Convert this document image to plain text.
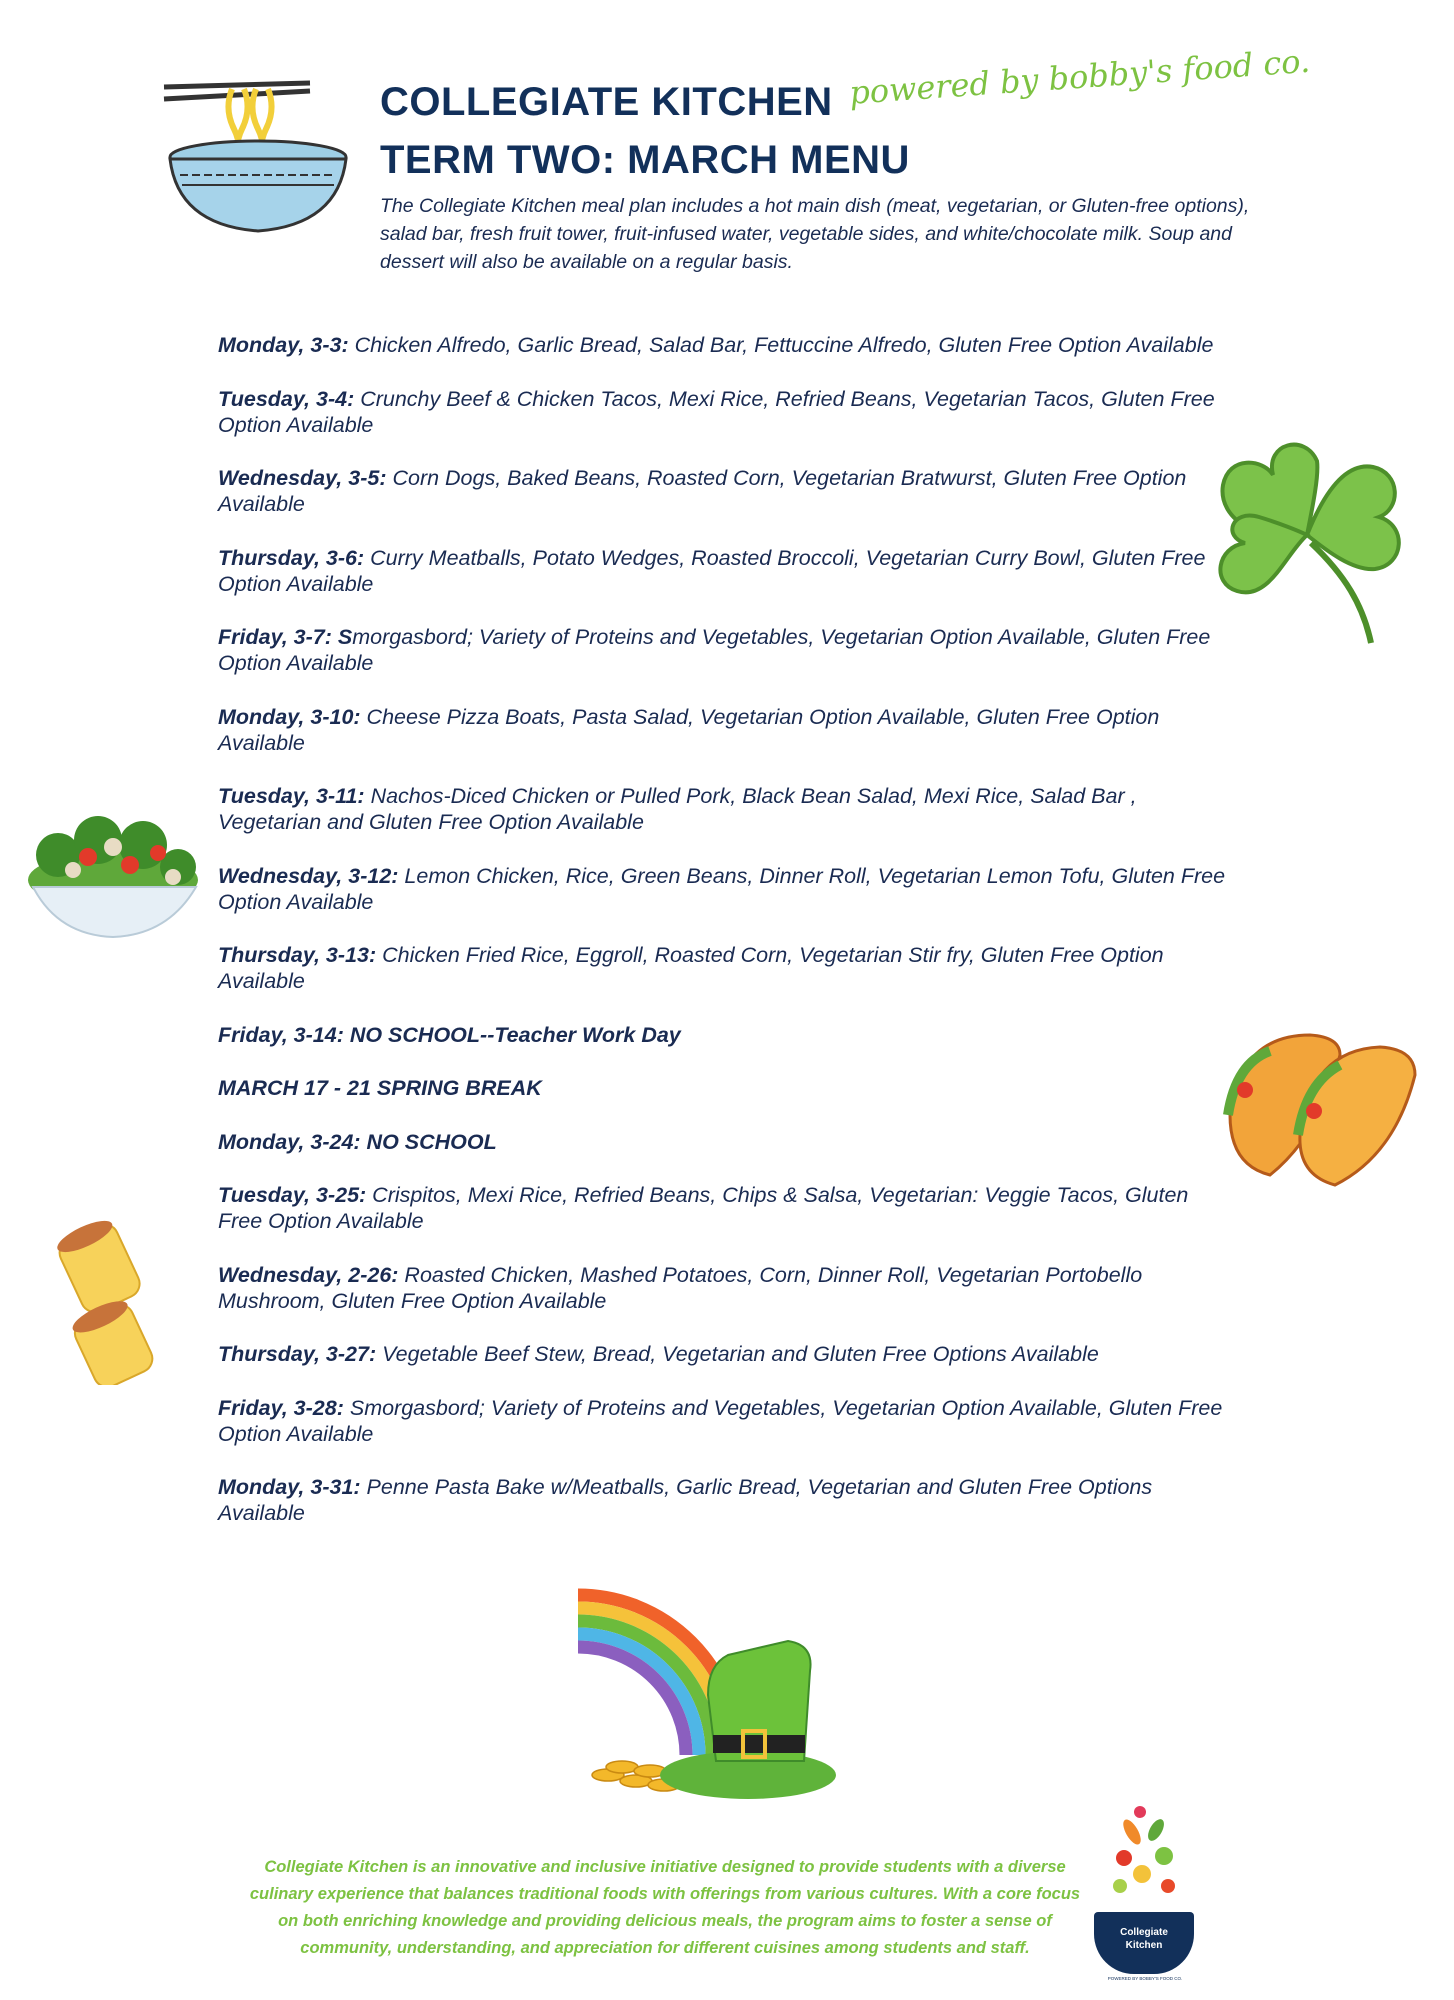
COLLEGIATE KITCHEN
TERM TWO: MARCH MENU
powered by bobby's food co.
The Collegiate Kitchen meal plan includes a hot main dish (meat, vegetarian, or Gluten-free options), salad bar, fresh fruit tower, fruit-infused water, vegetable sides, and white/chocolate milk. Soup and dessert will also be available on a regular basis.
Monday, 3-3: Chicken Alfredo, Garlic Bread, Salad Bar, Fettuccine Alfredo, Gluten Free Option Available
Tuesday, 3-4: Crunchy Beef & Chicken Tacos, Mexi Rice, Refried Beans, Vegetarian Tacos, Gluten Free Option Available
Wednesday, 3-5: Corn Dogs, Baked Beans, Roasted Corn, Vegetarian Bratwurst, Gluten Free Option Available
Thursday, 3-6: Curry Meatballs, Potato Wedges, Roasted Broccoli, Vegetarian Curry Bowl, Gluten Free Option Available
Friday, 3-7: Smorgasbord; Variety of Proteins and Vegetables, Vegetarian Option Available, Gluten Free Option Available
Monday, 3-10: Cheese Pizza Boats, Pasta Salad, Vegetarian Option Available, Gluten Free Option Available
Tuesday, 3-11: Nachos-Diced Chicken or Pulled Pork, Black Bean Salad, Mexi Rice, Salad Bar , Vegetarian and Gluten Free Option Available
Wednesday, 3-12: Lemon Chicken, Rice, Green Beans, Dinner Roll, Vegetarian Lemon Tofu, Gluten Free Option Available
Thursday, 3-13: Chicken Fried Rice, Eggroll, Roasted Corn, Vegetarian Stir fry, Gluten Free Option Available
Friday, 3-14: NO SCHOOL--Teacher Work Day
MARCH 17 - 21 SPRING BREAK
Monday, 3-24: NO SCHOOL
Tuesday, 3-25: Crispitos, Mexi Rice, Refried Beans, Chips & Salsa, Vegetarian: Veggie Tacos, Gluten Free Option Available
Wednesday, 2-26: Roasted Chicken, Mashed Potatoes, Corn, Dinner Roll, Vegetarian Portobello Mushroom, Gluten Free Option Available
Thursday, 3-27: Vegetable Beef Stew, Bread, Vegetarian and Gluten Free Options Available
Friday, 3-28: Smorgasbord; Variety of Proteins and Vegetables, Vegetarian Option Available, Gluten Free Option Available
Monday, 3-31: Penne Pasta Bake w/Meatballs, Garlic Bread, Vegetarian and Gluten Free Options Available
Collegiate Kitchen is an innovative and inclusive initiative designed to provide students with a diverse culinary experience that balances traditional foods with offerings from various cultures. With a core focus on both enriching knowledge and providing delicious meals, the program aims to foster a sense of community, understanding, and appreciation for different cuisines among students and staff.
Collegiate
Kitchen
POWERED BY BOBBY'S FOOD CO.
